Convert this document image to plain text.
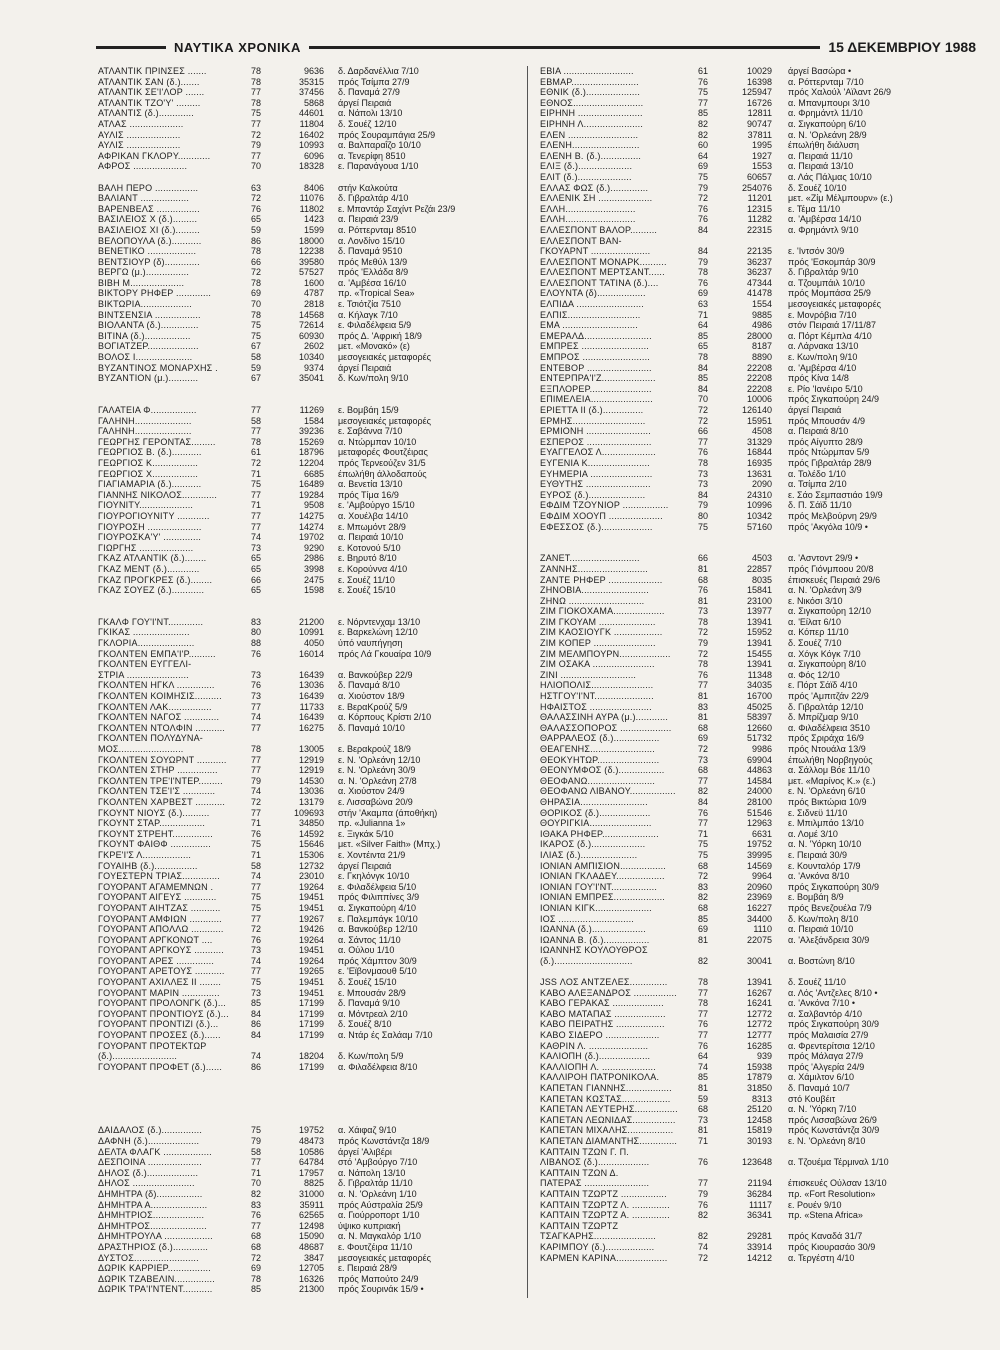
ΝΑΥΤΙΚΑ ΧΡΟΝΙΚΑ	15 ΔΕΚΕΜΒΡΙΟΥ 1988
ΑΤΛΑΝΤΙΚ ΠΡΙΝΣΕΣ .......	78	9636	δ. Δαρδανέλλια 7/10
ΑΤΛΑΝΤΙΚ ΣΑΝ (δ.).......	78	35315	πρός Τσίμπα 27/9
ΑΤΛΑΝΤΙΚ ΣΕ'Ι'ΛΟΡ .......	77	37456	δ. Παναμά 27/9
ΑΤΛΑΝΤΙΚ ΤΖΟ'Υ' .........	78	5868	άργεί Πειραιά
ΑΤΛΑΝΤΙΣ (δ.).............	75	44601	α. Νάπολι 13/10
ΑΤΛΑΣ ....................	77	11804	δ. Σουέζ 12/10
ΑΥΛΙΣ ....................	72	16402	πρός Σουραμπάγια 25/9
ΑΥΛΙΣ ....................	79	10993	α. Βαλπαραΐζο 10/10
ΑΦΡΙΚΑΝ ΓΚΛΟΡΥ............	77	6096	α. Τενερίφη 8510
ΑΦΡΟΣ ....................	70	18328	ε. Παρανάγουα 1/10
ΒΑΛΗ ΠΕΡΟ ................	63	8406	στήν Καλκούτα
ΒΑΛΙΑΝΤ ..................	72	11076	δ. Γιβραλτάρ 4/10
ΒΑΡΕΝΒΕΛΣ ................	76	11802	ε. Μπαντάρ Σαχίντ Ρεζάι 23/9
ΒΑΣΙΛΕΙΟΣ Χ (δ.).........	65	1423	α. Πειραιά 23/9
ΒΑΣΙΛΕΙΟΣ ΧΙ (δ.).........	59	1599	α. Ρόττερνταμ 8510
ΒΕΛΟΠΟΥΛΑ (δ.)...........	86	18000	α. Λονδίνο 15/10
ΒΕΝΕΤΙΚΟ ..................	78	12238	δ. Παναμά 9510
ΒΕΝΤΣΙΟΥΡ (δ).............	66	39580	πρός Μεθύλ 13/9
ΒΕΡΓΩ (μ.)................	72	57527	πρός 'Ελλάδα 8/9
ΒΙΒΗ Μ....................	78	1600	α. 'Αμβέσα 16/10
ΒΙΚΤΟΡΥ ΡΗΦΕΡ .............	69	4787	πρ. «Tropical Sea»
ΒΙΚΤΩΡΙΑ...................	70	2818	ε. Τσιότζία 7510
ΒΙΝΤΣΕΝΣΙΑ .................	78	14568	α. Κήλαγκ 7/10
ΒΙΟΛΑΝΤΑ (δ.)..............	75	72614	ε. Φιλαδέλφεια 5/9
ΒΙΤΙΝΑ (δ.).................	75	60930	πρός Δ. 'Αφρική 18/9
ΒΟΓΙΑΤΖΕΡ...................	67	2602	μετ. «Μονακό» (ε)
ΒΟΛΟΣ Ι.....................	58	10340	μεσογειακές μεταφορές
ΒΥΖΑΝΤΙΝΟΣ ΜΟΝΑΡΧΗΣ .	59	9374	άργεί Πειραιά
ΒΥΖΑΝΤΙΟΝ (μ.)...........	67	35041	δ. Κων/πολη 9/10
ΓΑΛΑΤΕΙΑ Φ.................	77	11269	ε. Βομβάη 15/9
ΓΑΛΗΝΗ.....................	58	1584	μεσογειακές μεταφορές
ΓΑΛΗΝΗ.....................	77	39236	ε. Σαβάννα 7/10
ΓΕΩΡΓΗΣ ΓΕΡΟΝΤΑΣ.........	78	15269	α. Ντώρμπαν 10/10
ΓΕΩΡΓΙΟΣ Β. (δ.)...........	61	18796	μεταφορές Φουτζέιρας
ΓΕΩΡΓΙΟΣ Κ.................	72	12204	πρός Τερνεούζεν 31/5
ΓΕΩΡΓΙΟΣ Χ.................	71	6685	έπωλήθη άλλοδαπούς
ΓΙΑΓΙΑΜΑΡΙΑ (δ.)...........	75	16489	α. Βενετία 13/10
ΓΙΑΝΝΗΣ ΝΙΚΟΛΟΣ.............	77	19284	πρός Τίμα 16/9
ΓΙΟΥΝΙΤΥ....................	71	9508	ε. 'Αμβούργο 15/10
ΓΙΟΥΡΟΓΙΟΥΝΙΤΥ ............	77	14275	α. Χουέλβα 14/10
ΓΙΟΥΡΟΣΗ ....................	77	14274	ε. Μπωμόντ 28/9
ΓΙΟΥΡΟΣΚΑ'Υ' ..............	74	19702	α. Πειραιά 10/10
ΓΙΩΡΓΗΣ ....................	73	9290	ε. Κοτονού 5/10
ΓΚΑΖ ΑΤΛΑΝΤΙΚ (δ.)........	65	2986	ε. Βηρυτό 8/10
ΓΚΑΖ ΜΕΝΤ (δ.)............	65	3998	ε. Κορούννα 4/10
ΓΚΑΖ ΠΡΟΓΚΡΕΣ (δ.)........	66	2475	ε. Σουέζ 11/10
ΓΚΑΖ ΣΟΥΕΖ (δ.)............	65	1598	ε. Σουέζ 15/10
ΓΚΑΛΦ ΓΟΥ'Ι'ΝΤ.............	83	21200	ε. Νόρντενχαμ 13/10
ΓΚΙΚΑΣ .....................	80	10991	ε. Βαρκελώνη 12/10
ΓΚΛΟΡΙΑ.....................	88	4050	ύπό ναυπήγηση
ΓΚΟΛΝΤΕΝ ΕΜΠΑ'Ι'Ρ..........	76	16014	πρός Λά Γκουαίρα 10/9
ΓΚΟΛΝΤΕΝ ΕΥΓΓΕΛΙ-
ΣΤΡΙΑ .......................	73	16439	α. Βανκούβερ 22/9
ΓΚΟΛΝΤΕΝ ΗΓΚΛ ..............	76	13036	δ. Παναμά 8/10
ΓΚΟΛΝΤΕΝ ΚΟΙΜΗΣΙΣ..........	73	16439	α. Χιούστον 18/9
ΓΚΟΛΝΤΕΝ ΛΑΚ................	77	11733	ε. ΒεραKρούζ 5/9
ΓΚΟΛΝΤΕΝ ΝΑΓΟΣ .............	74	16439	α. Κόρπους Κρίστι 2/10
ΓΚΟΛΝΤΕΝ ΝΤΟΛΦΙΝ ...........	77	16275	δ. Παναμά 10/10
ΓΚΟΛΝΤΕΝ ΠΟΛΥΔΥΝΑ-
ΜΟΣ........................	78	13005	ε. Βεραkρούζ 18/9
ΓΚΟΛΝΤΕΝ ΣΟΥΩΡΝΤ ...........	77	12919	ε. Ν. 'Ορλεάνη 12/10
ΓΚΟΛΝΤΕΝ ΣΤΗΡ ...............	77	12919	ε. Ν. 'Ορλεάνη 30/9
ΓΚΟΛΝΤΕΝ ΤΡΕ'Ι'ΝΤΕΡ.........	79	14530	α. Ν. 'Ορλεάνη 27/8
ΓΚΟΛΝΤΕΝ ΤΣΕ'Ι'Σ ............	74	13036	α. Χιούστον 24/9
ΓΚΟΛΝΤΕΝ ΧΑΡΒΕΣΤ ...........	72	13179	ε. Λισσαβώνα 20/9
ΓΚΟΥΝΤ ΝΙΟΥΣ (δ.)..........	77	109693	στήν 'Ακαμπα (άποθήκη)
ΓΚΟΥΝΤ ΣΤΑΡ.................	71	34850	πρ. «Julianna 1»
ΓΚΟΥΝΤ ΣΤΡΕΗΤ...............	76	14592	ε. Ξιγκάκ 5/10
ΓΚΟΥΝΤ ΦΑΙΘΦ ...............	75	15646	μετ. «Silver Faith» (Μπχ.)
ΓΚΡΕ'Ι'Σ Λ..................	71	15306	ε. Χοντέιντα 21/9
ΓΟΥΑΙΗΒ (δ.)................	58	12732	άργεί Πειραιά
ΓΟΥΕΣΤΕΡΝ ΤΡΙΑΣ..............	74	23010	ε. Γκηλόνγκ 10/10
ΓΟΥΟΡΑΝΤ ΑΓΑΜΕΜΝΩΝ .	77	19264	ε. Φιλαδέλφεια 5/10
ΓΟΥΟΡΑΝΤ ΑΙΓΕΥΣ ............	75	19451	πρός Φιλιππίνες 3/9
ΓΟΥΟΡΑΝΤ ΑΙΗΤΖΑΣ ...........	75	19451	α. Σιγκαπούρη 4/10
ΓΟΥΟΡΑΝΤ ΑΜΦΙΩΝ ............	77	19267	ε. Παλεμπάγκ 10/10
ΓΟΥΟΡΑΝΤ ΑΠΟΛΛΩ ............	72	19426	α. Βανκούβερ 12/10
ΓΟΥΟΡΑΝΤ ΑΡΓΚΟΝΩΤ ....	76	19264	α. Σάντος 11/10
ΓΟΥΟΡΑΝΤ ΑΡΓΚΟΥΣ ...........	73	19451	α. Ούλου 1/10
ΓΟΥΟΡΑΝΤ ΑΡΕΣ ..............	74	19264	πρός Χάμπτον 30/9
ΓΟΥΟΡΑΝΤ ΑΡΕΤΟΥΣ ...........	77	19265	ε. 'Εϊβονμαουθ 5/10
ΓΟΥΟΡΑΝΤ ΑΧΙΛΛΕΣ ΙΙ ........	75	19451	δ. Σουέζ 15/10
ΓΟΥΟΡΑΝΤ ΜΑΡΙΝ ..............	73	19451	ε. Μπουσάν 28/9
ΓΟΥΟΡΑΝΤ ΠΡΟΛΟΝΓΚ (δ.)...	85	17199	δ. Παναμά 9/10
ΓΟΥΟΡΑΝΤ ΠΡΟΝΤΙΟΥΣ (δ.)...	84	17199	α. Μόντρεαλ 2/10
ΓΟΥΟΡΑΝΤ ΠΡΟΝΤΙΖΙ (δ.)...	86	17199	δ. Σουέζ 8/10
ΓΟΥΟΡΑΝΤ ΠΡΟΣΕΣ (δ.)......	84	17199	α. Ντάρ ές Σαλάαμ 7/10
ΓΟΥΟΡΑΝΤ ΠΡΟΤΕΚΤΩΡ
(δ.)........................	74	18204	δ. Κων/πολη 5/9
ΓΟΥΟΡΑΝΤ ΠΡΟΦΕΤ (δ.)......	86	17199	α. Φιλαδέλφεια 8/10
ΔΑΙΔΑΛΟΣ (δ.)...............	75	19752	α. Χάιφαζ 9/10
ΔΑΦΝΗ (δ.)...................	79	48473	πρός Κωνστάντζα 18/9
ΔΕΛΤΑ ΦΛΑΓΚ ..................	58	10586	άργεί 'Αλιβέρι
ΔΕΣΠΟΙΝΑ ....................	77	64784	στό 'Αμβούργο 7/10
ΔΗΛΟΣ (δ.)...................	71	17957	α. Νάπολη 13/10
ΔΗΛΟΣ .......................	70	8825	δ. Γιβραλτάρ 11/10
ΔΗΜΗΤΡΑ (δ).................	82	31000	α. Ν. 'Ορλεάνη 1/10
ΔΗΜΗΤΡΑ Α.....................	83	35911	πρός Αύστραλία 25/9
ΔΗΜΗΤΡΙΟΣ...................	76	62565	α. Γιούρροπορτ 1/10
ΔΗΜΗΤΡΟΣ.....................	77	12498	ύψικο κυπριακή
ΔΗΜΗΤΡΟΥΛΑ ..................	68	15090	α. Ν. Μαγκαλόρ 1/10
ΔΡΑΣΤΗΡΙΟΣ (δ.).............	68	48687	ε. Φουτζέιρα 11/10
ΔΥΣΤΟΣ........................	72	3847	μεσογειακές μεταφορές
ΔΩΡΙΚ ΚΑΡΡΙΕΡ................	69	12705	ε. Πειραιά 28/9
ΔΩΡΙΚ ΤΖΑΒΕΛΙΝ...............	78	16326	πρός Μαπούτο 24/9
ΔΩΡΙΚ ΤΡΑ'Ι'ΝΤΕΝΤ...........	85	21300	πρός Σουρινάκ 15/9 •
ΕΒΙΑ ..........................	61	10029	άργεί Βασώρα •
ΕΒΜΑΡ.........................	76	16398	α. Ρόττερνταμ 7/10
ΕΘΝΙΚ (δ.)....................	75	125947	πρός Χαλούλ 'Αϊλαντ 26/9
ΕΘΝΟΣ..........................	77	16726	α. Μπανμπουρι 3/10
ΕΙΡΗΝΗ ........................	85	12811	α. Φρημάντλ 11/10
ΕΙΡΗΝΗ Λ......................	82	90747	α. Σιγκαπούρη 6/10
ΕΛΕΝ ..........................	82	37811	α. Ν. 'Ορλεάνη 28/9
ΕΛΕΝΗ.........................	60	1995	έπωλήθη διάλυση
ΕΛΕΝΗ Β. (δ.)...............	64	1927	α. Πειραιά 11/10
ΕΛΙΞ (δ.)....................	69	1553	α. Πειραιά 13/10
ΕΛΙΤ (δ.)....................	75	60657	α. Λάς Πάλμας 10/10
ΕΛΛΑΣ ΦΩΣ (δ.)..............	79	254076	δ. Σουέζ 10/10
ΕΛΛΕΝΙΚ ΣΗ ....................	72	11201	μετ. «Ζίμ Μέλμπουρν» (ε.)
ΕΛΛΗ..........................	76	12315	ε. Τέμα 11/10
ΕΛΛΗ..........................	76	11282	α. 'Αμβέρσα 14/10
ΕΛΛΕΣΠΟΝΤ ΒΑΛΟΡ..........	84	22315	α. Φρημάντλ 9/10
ΕΛΛΕΣΠΟΝΤ ΒΑΝ-
ΓΚΟΥΑΡΝΤ ......................	84	22135	ε. 'Ιντσόν 30/9
ΕΛΛΕΣΠΟΝΤ ΜΟΝΑΡΚ..........	79	36237	πρός 'Εσκομπάρ 30/9
ΕΛΛΕΣΠΟΝΤ ΜΕΡΤΣΑΝΤ......	78	36237	δ. Γιβραλτάρ 9/10
ΕΛΛΕΣΠΟΝΤ ΤΑΤΙΝΑ (δ.)....	76	47344	α. Τζουμπάιλ 10/10
ΕΛΟΥΝΤΑ (δ)..................	69	41478	πρός Μομπάσα 25/9
ΕΛΠΙΔΑ .........................	63	1554	μεσογειακές μεταφορές
ΕΛΠΙΣ...........................	71	9885	ε. Μονρόβια 7/10
ΕΜΑ ............................	64	4986	στόν Πειραιά 17/11/87
ΕΜΕΡΑΛΔ.........................	85	28000	α. Πόρτ Κέμπλα 4/10
ΕΜΠΡΕΣ .........................	65	8187	α. Λάρνακα 13/10
ΕΜΠΡΟΣ .........................	78	8890	ε. Κων/πολη 9/10
ΕΝΤΕΒΟΡ ........................	84	22208	α. 'Αμβέρσα 4/10
ΕΝΤΕΡΠΡΑ'Ι'Ζ....................	85	22208	πρός Κίνα 14/8
ΕΞΠΛΟΡΕΡ.......................	84	22208	ε. Ρίο 'Ιανέιρο 5/10
ΕΠΙΜΕΛΕΙΑ.......................	70	10006	πρός Σιγκαπούρη 24/9
ΕΡΙΕΤΤΑ ΙΙ (δ.)...............	72	126140	άργεί Πειραιά
ΕΡΜΗΣ...........................	72	15951	πρός Μπουσάν 4/9
ΕΡΜΙΟΝΗ ........................	66	4508	α. Πειραιά 8/10
ΕΣΠΕΡΟΣ ........................	77	31329	πρός Αίγυπτο 28/9
ΕΥΑΓΓΕΛΟΣ Λ....................	76	16844	πρός Ντώρμπαν 5/9
ΕΥΓΕΝΙΑ Κ.......................	78	16935	πρός Γιβραλτάρ 28/9
ΕΥΗΜΕΡΙΑ .......................	73	13631	α. Τολέδο 1/10
ΕΥΘΥΤΗΣ ........................	73	2090	α. Τσίμπα 2/10
ΕΥΡΟΣ (δ.).....................	84	24310	ε. Σάο Σεμπαστιάο 19/9
ΕΦΔΙΜ ΤΖΟΥΝΙΟΡ .................	79	10996	δ. Π. Σάϊδ 11/10
ΕΦΔΙΜ ΧΟΟΥΠ ....................	80	10342	πρός Μελβούρνη 29/9
ΕΦΕΣΣΟΣ (δ.)...................	75	57160	πρός 'Ακγόλα 10/9 •
ΖΑΝΕΤ..........................	66	4503	α. 'Ασντοντ 29/9 •
ΖΑΝΝΗΣ..........................	81	22857	πρός Γιόνμποου 20/8
ΖΑΝΤΕ ΡΗΦΕΡ ....................	68	8035	έπισκευές Πειραιά 29/6
ΖΗΝΟΒΙΑ.........................	76	15841	α. Ν. 'Ορλεάνη 3/9
ΖΗΝΩ ............................	81	23100	ε. Νικόσι 3/10
ΖΙΜ ΓΙΟΚΟΧΑΜΑ...................	73	13977	α. Σιγκαπούρη 12/10
ΖΙΜ ΓΚΟΥΑΜ .....................	78	13941	α. 'Είλατ 6/10
ΖΙΜ ΚΑΟΣΙΟΥΓΚ ..................	72	15952	α. Κόπερ 11/10
ΖΙΜ ΚΟΠΕΡ .......................	79	13941	δ. Σουέζ 7/10
ΖΙΜ ΜΕΛΜΠΟΥΡΝ...................	72	15455	α. Χόγκ Κόγκ 7/10
ΖΙΜ ΟΣΑΚΑ .......................	78	13941	α. Σιγκαπούρη 8/10
ΖΙΝΙ ............................	76	11348	α. Φός 12/10
ΗΛΙΟΠΟΛΙΣ.......................	77	34035	ε. Πόρτ Σάϊδ 4/10
ΗΣΤΓΟΥ'Ι'ΝΤ......................	81	16700	πρός 'Αμπιτζάν 22/9
ΗΦΑΙΣΤΟΣ .......................	83	45025	δ. Γιβραλτάρ 12/10
ΘΑΛΑΣΣΙΝΗ ΑΥΡΑ (μ.)............	81	58397	δ. Μπρίζμαρ 9/10
ΘΑΛΑΣΣΟΠΟΡΟΣ ...................	68	12660	α. Φιλαδέλφεια 3510
ΘΑΡΡΑΛΕΟΣ (δ.).................	69	51732	πρός Σριράχα 16/9
ΘΕΑΓΕΝΗΣ........................	72	9986	πρός Ντουάλα 13/9
ΘΕΟΚΥΗΤΩΡ.......................	73	69904	έπωλήθη Νορβηγούς
ΘΕΟΝΥΜΦΟΣ (δ.).................	68	44863	α. Σάλλομ Βόε 11/10
ΘΕΟΦΑΝΩ.........................	77	14584	μετ. «Μαρίνος Κ.» (ε.)
ΘΕΟΦΑΝΩ ΛΙΒΑΝΟΥ.................	82	24000	ε. Ν. 'Ορλεάνη 6/10
ΘΗΡΑΣΙΑ.........................	84	28100	πρός Βικτώρια 10/9
ΘΟΡΙΚΟΣ (δ.)...................	76	51546	ε. Σιδνεϋ 11/10
ΘΟΥΡΙΓΚΙΑ.......................	77	12963	ε. Μπιλμπάο 13/10
ΙΘΑΚΑ ΡΗΦΕΡ.....................	71	6631	α. Λομέ 3/10
ΙΚΑΡΟΣ (δ.)....................	75	19752	α. Ν. 'Υόρκη 10/10
ΙΛΙΑΣ (δ.).....................	75	39995	ε. Πειραιά 30/9
ΙΟΝΙΑΝ ΑΜΠΙΣΙΟΝ.................	68	14569	ε. Κουνταλόρ 17/9
ΙΟΝΙΑΝ ΓΚΛΑΔΕΥ..................	72	9964	α. 'Ανκόνα 8/10
ΙΟΝΙΑΝ ΓΟΥ'Ι'ΝΤ.................	83	20960	πρός Σιγκαπούρη 30/9
ΙΟΝΙΑΝ ΕΜΠΡΕΣ...................	82	23969	ε. Βομβάη 8/9
ΙΟΝΙΑΝ ΚΙΓΚ.....................	68	16227	πρός Βενεζουέλα 7/9
ΙΟΣ ............................	85	34400	δ. Κων/πολη 8/10
ΙΩΑΝΝΑ (δ.)....................	69	1110	α. Πειραιά 10/10
ΙΩΑΝΝΑ Β. (δ.).................	81	22075	α. 'Αλεξάνδρεια 30/9
ΙΩΑΝΝΗΣ ΚΟΥΛΟΥΘΡΟΣ
(δ.).............................	82	30041	α. Βοστώνη 8/10
JSS ΛΟΣ ΑΝΤΖΕΛΕΣ..............	78	13941	δ. Σουέζ 11/10
ΚΑΒΟ ΑΛΕΞΑΝΔΡΟΣ ................	77	16267	α. Λός 'Αντζελες 8/10 •
ΚΑΒΟ ΓΕΡΑΚΑΣ ...................	78	16241	α. 'Ανκόνα 7/10 •
ΚΑΒΟ ΜΑΤΑΠΑΣ ...................	77	12772	α. Σαλβαντόρ 4/10
ΚΑΒΟ ΠΕΙΡΑΤΗΣ ..................	76	12772	πρός Σιγκαπούρη 30/9
ΚΑΒΟ ΣΙΔΕΡΟ ....................	77	12777	πρός Μαλαισία 27/9
ΚΑΘΡΙΝ Λ. ......................	76	16285	α. Φρεντερίτσια 12/10
ΚΑΛΙΟΠΗ (δ.)...................	64	939	πρός Μάλαγα 27/9
ΚΑΛΛΙΟΠΗ Λ. ....................	74	15938	πρός 'Αλγερία 24/9
ΚΑΛΛΙΡΟΗ ΠΑΤΡΟΝΙΚΟΛΑ.	85	17879	α. Χάμιλτον 6/10
ΚΑΠΕΤΑΝ ΓΙΑΝΝΗΣ.................	81	31850	δ. Παναμά 10/7
ΚΑΠΕΤΑΝ ΚΩΣΤΑΣ..................	59	8313	στό Κουβέιτ
ΚΑΠΕΤΑΝ ΛΕΥΤΕΡΗΣ................	68	25120	α. Ν. 'Υόρκη 7/10
ΚΑΠΕΤΑΝ ΛΕΩΝΙΔΑΣ................	73	12458	πρός Λισσαβώνα 26/9
ΚΑΠΕΤΑΝ ΜΙΧΑΛΗΣ.................	81	15819	πρός Κωνστάντζα 30/9
ΚΑΠΕΤΑΝ ΔΙΑΜΑΝΤΗΣ..............	71	30193	ε. Ν. 'Ορλεάνη 8/10
ΚΑΠΤΑΙΝ ΤΖΩΝ Γ. Π.
ΛΙΒΑΝΟΣ (δ.)...................	76	123648	α. Τζουέμα Τέρμιναλ 1/10
ΚΑΠΤΑΙΝ ΤΖΩΝ Δ.
ΠΑΤΕΡΑΣ ........................	77	21194	έπισκευές Ούλσαν 13/10
ΚΑΠΤΑΙΝ ΤΖΩΡΤΖ .................	79	36284	πρ. «Fort Resolution»
ΚΑΠΤΑΙΝ ΤΖΩΡΤΖ Λ. ..............	76	11117	ε. Ρουέν 9/10
ΚΑΠΤΑΙΝ ΤΖΩΡΤΖ Α. ..............	82	36341	πρ. «Stena Africa»
ΚΑΠΤΑΙΝ ΤΖΩΡΤΖ
ΤΣΑΓΚΑΡΗΣ.......................	82	29281	πρός Καναδά 31/7
ΚΑΡΙΜΠΟΥ (δ.)..................	74	33914	πρός Κιουρασάο 30/9
ΚΑΡΜΕΝ ΚΑΡΙΝΑ...................	72	14212	α. Τεργέστη 4/10
